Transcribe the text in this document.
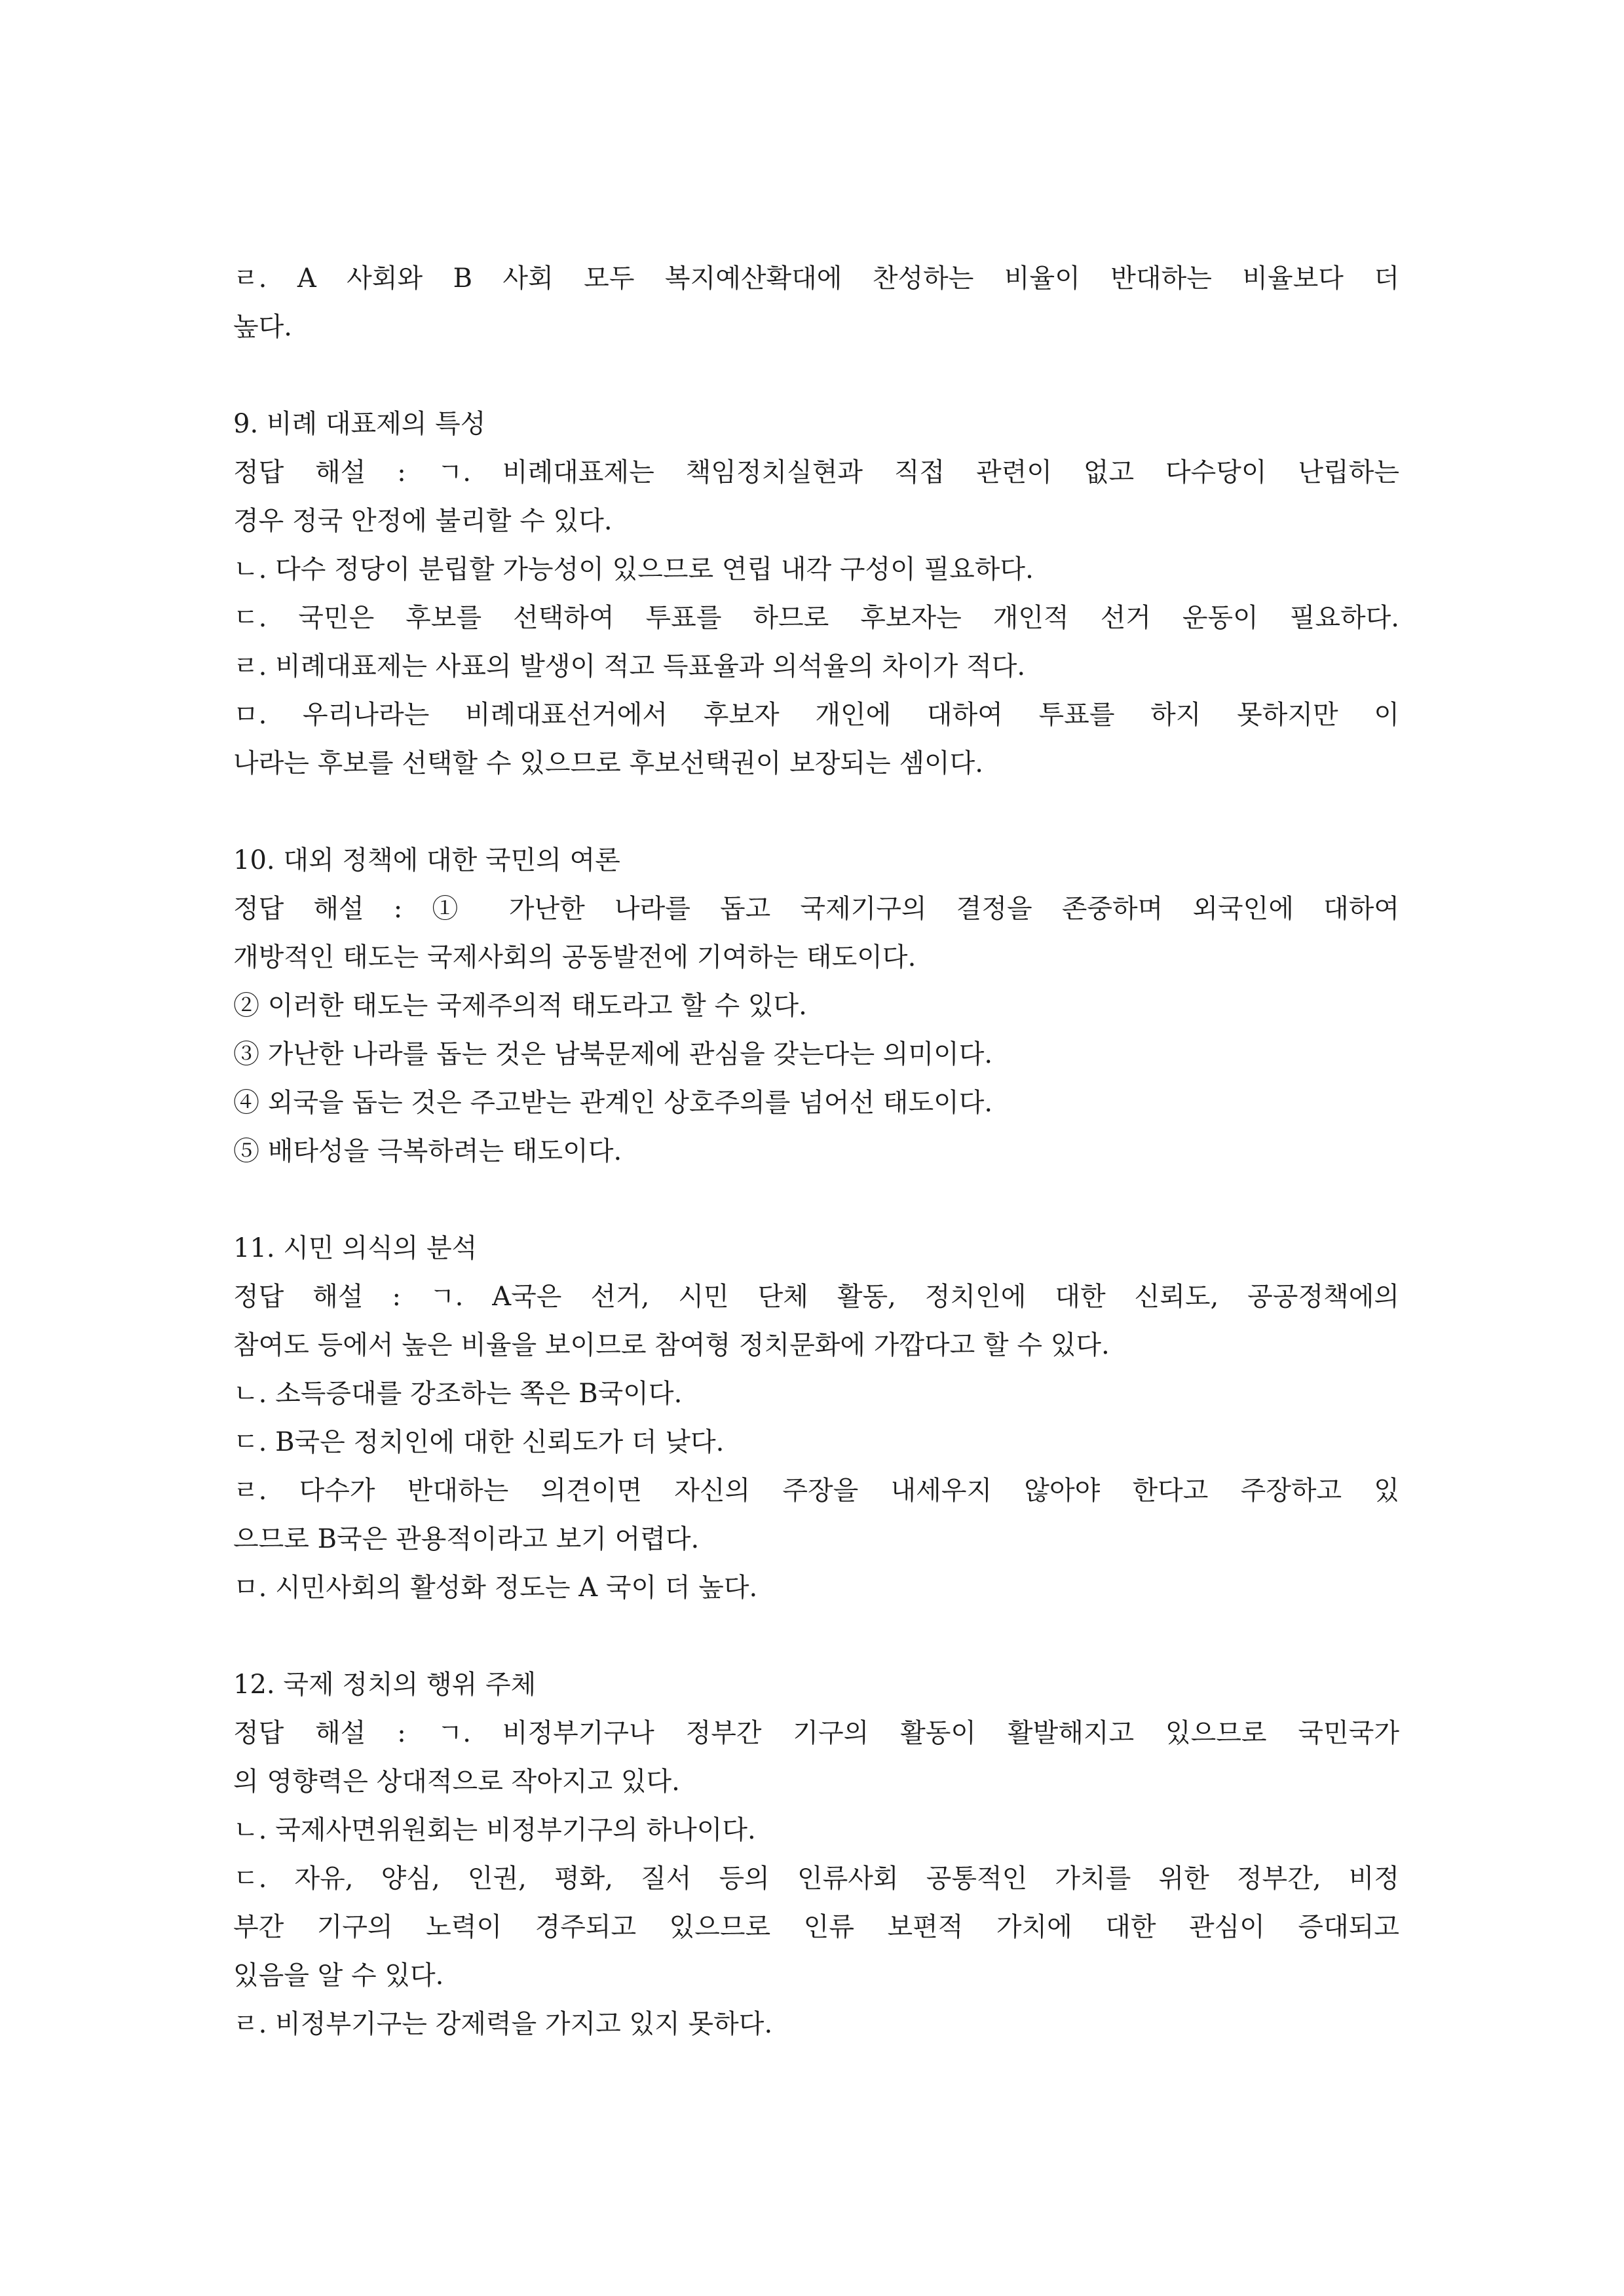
ㄹ. A 사회와 B 사회 모두 복지예산확대에 찬성하는 비율이 반대하는 비율보다 더
높다.
9. 비례 대표제의 특성
정답 해설 : ㄱ. 비례대표제는 책임정치실현과 직접 관련이 없고 다수당이 난립하는
경우 정국 안정에 불리할 수 있다.
ㄴ. 다수 정당이 분립할 가능성이 있으므로 연립 내각 구성이 필요하다.
ㄷ. 국민은 후보를 선택하여 투표를 하므로 후보자는 개인적 선거 운동이 필요하다.
ㄹ. 비례대표제는 사표의 발생이 적고 득표율과 의석율의 차이가 적다.
ㅁ. 우리나라는 비례대표선거에서 후보자 개인에 대하여 투표를 하지 못하지만 이
나라는 후보를 선택할 수 있으므로 후보선택권이 보장되는 셈이다.
10. 대외 정책에 대한 국민의 여론
정답 해설 : ① 가난한 나라를 돕고 국제기구의 결정을 존중하며 외국인에 대하여
개방적인 태도는 국제사회의 공동발전에 기여하는 태도이다.
② 이러한 태도는 국제주의적 태도라고 할 수 있다.
③ 가난한 나라를 돕는 것은 남북문제에 관심을 갖는다는 의미이다.
④ 외국을 돕는 것은 주고받는 관계인 상호주의를 넘어선 태도이다.
⑤ 배타성을 극복하려는 태도이다.
11. 시민 의식의 분석
정답 해설 : ㄱ. A국은 선거, 시민 단체 활동, 정치인에 대한 신뢰도, 공공정책에의
참여도 등에서 높은 비율을 보이므로 참여형 정치문화에 가깝다고 할 수 있다.
ㄴ. 소득증대를 강조하는 쪽은 B국이다.
ㄷ. B국은 정치인에 대한 신뢰도가 더 낮다.
ㄹ. 다수가 반대하는 의견이면 자신의 주장을 내세우지 않아야 한다고 주장하고 있
으므로 B국은 관용적이라고 보기 어렵다.
ㅁ. 시민사회의 활성화 정도는 A 국이 더 높다.
12. 국제 정치의 행위 주체
정답 해설 : ㄱ. 비정부기구나 정부간 기구의 활동이 활발해지고 있으므로 국민국가
의 영향력은 상대적으로 작아지고 있다.
ㄴ. 국제사면위원회는 비정부기구의 하나이다.
ㄷ. 자유, 양심, 인권, 평화, 질서 등의 인류사회 공통적인 가치를 위한 정부간, 비정
부간 기구의 노력이 경주되고 있으므로 인류 보편적 가치에 대한 관심이 증대되고
있음을 알 수 있다.
ㄹ. 비정부기구는 강제력을 가지고 있지 못하다.
